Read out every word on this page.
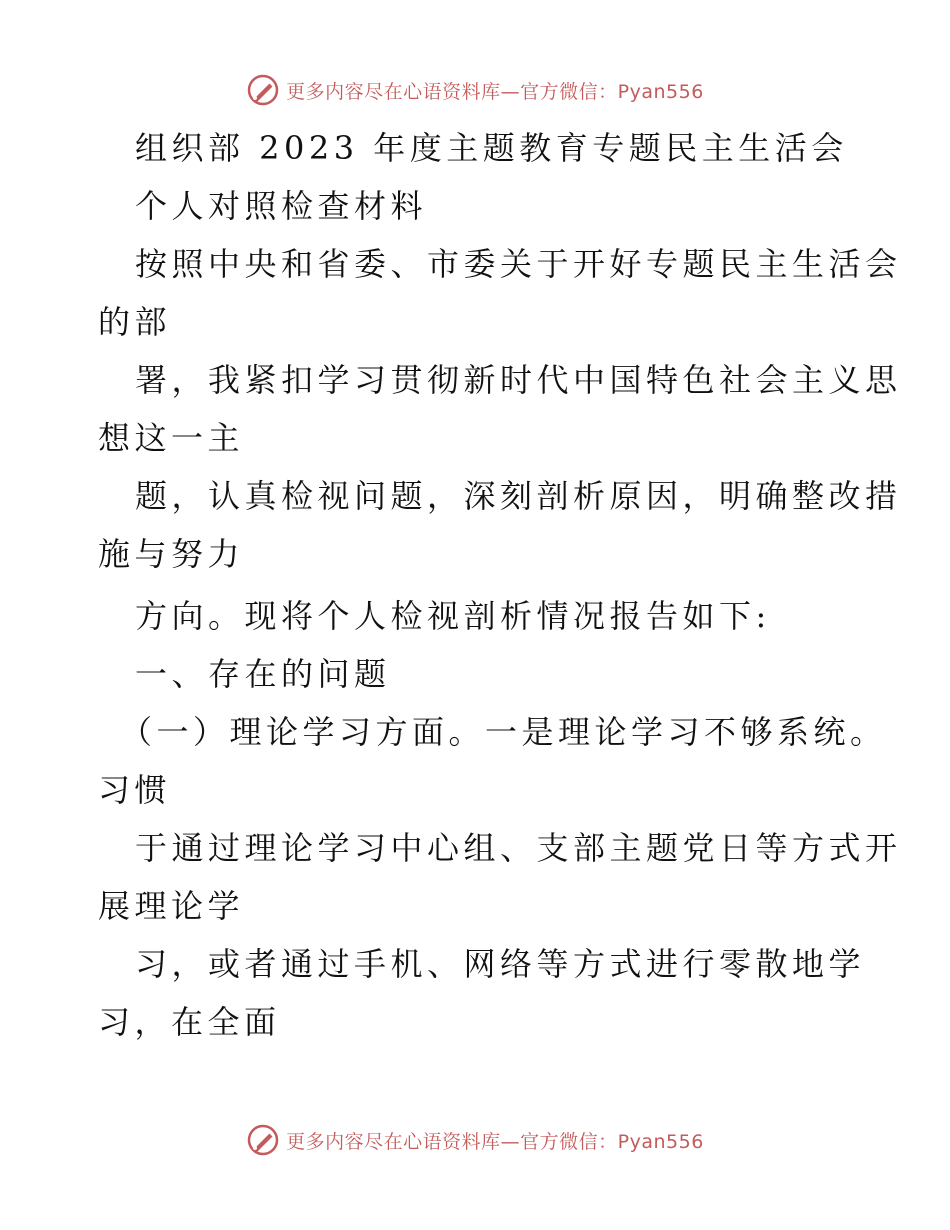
更多内容尽在心语资料库—官方微信：Pyan556
组织部 2023 年度主题教育专题民主生活会
个人对照检查材料
按照中央和省委、市委关于开好专题民主生活会
的部
署，我紧扣学习贯彻新时代中国特色社会主义思
想这一主
题，认真检视问题，深刻剖析原因，明确整改措
施与努力
方向。现将个人检视剖析情况报告如下:
一、存在的问题
（一）理论学习方面。一是理论学习不够系统。
习惯
于通过理论学习中心组、支部主题党日等方式开
展理论学
习，或者通过手机、网络等方式进行零散地学
习，在全面
更多内容尽在心语资料库—官方微信：Pyan556
